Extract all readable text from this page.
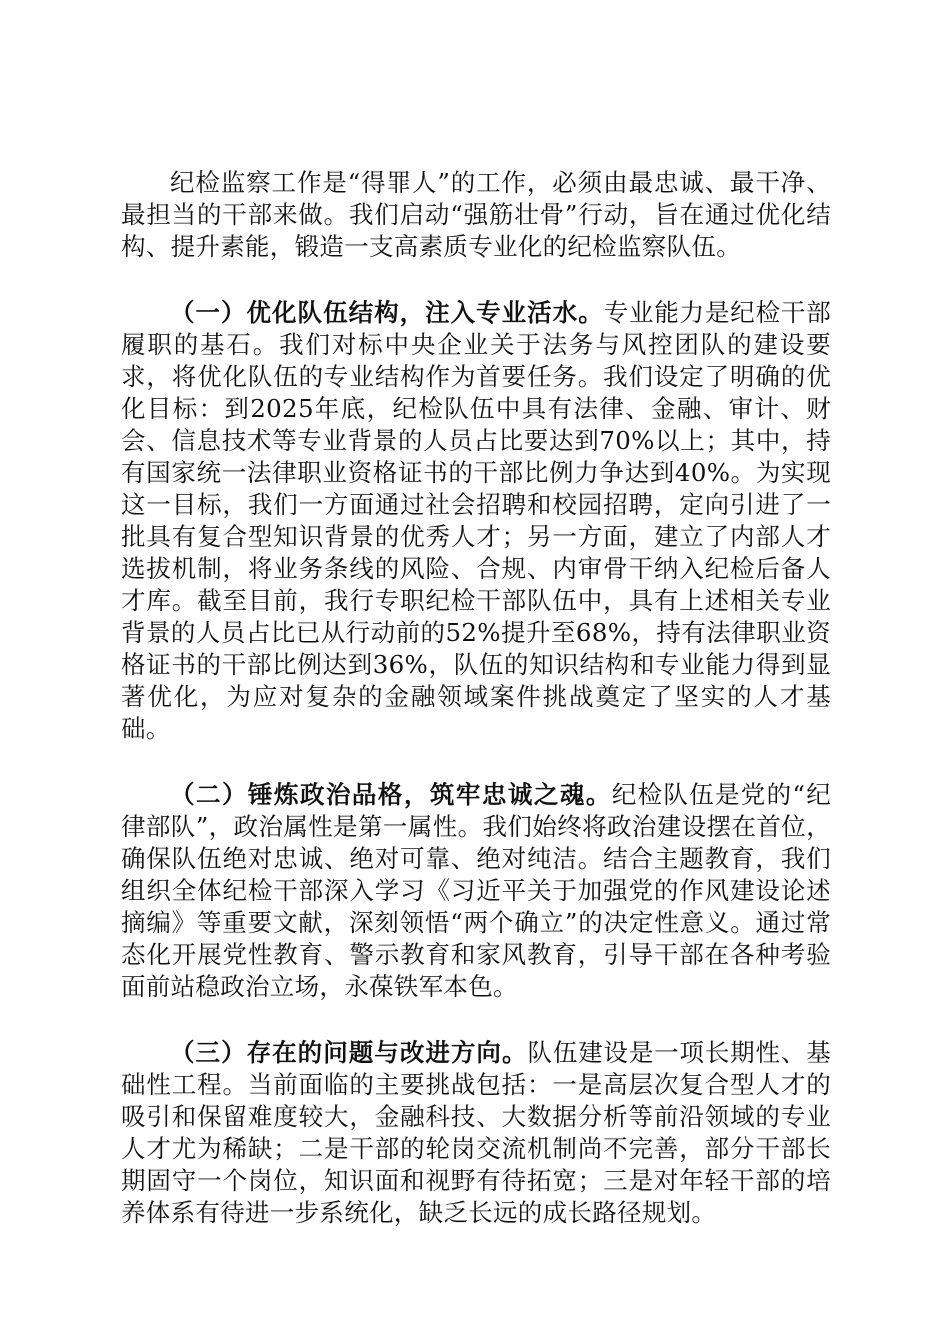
纪检监察工作是“得罪人”的工作，必须由最忠诚、最干净、最担当的干部来做。我们启动“强筋壮骨”行动，旨在通过优化结构、提升素能，锻造一支高素质专业化的纪检监察队伍。

（一）优化队伍结构，注入专业活水。专业能力是纪检干部履职的基石。我们对标中央企业关于法务与风控团队的建设要求，将优化队伍的专业结构作为首要任务。我们设定了明确的优化目标：到2025年底，纪检队伍中具有法律、金融、审计、财会、信息技术等专业背景的人员占比要达到70%以上；其中，持有国家统一法律职业资格证书的干部比例力争达到40%。为实现这一目标，我们一方面通过社会招聘和校园招聘，定向引进了一批具有复合型知识背景的优秀人才；另一方面，建立了内部人才选拔机制，将业务条线的风险、合规、内审骨干纳入纪检后备人才库。截至目前，我行专职纪检干部队伍中，具有上述相关专业背景的人员占比已从行动前的52%提升至68%，持有法律职业资格证书的干部比例达到36%，队伍的知识结构和专业能力得到显著优化，为应对复杂的金融领域案件挑战奠定了坚实的人才基础。

（二）锤炼政治品格，筑牢忠诚之魂。纪检队伍是党的“纪律部队”，政治属性是第一属性。我们始终将政治建设摆在首位，确保队伍绝对忠诚、绝对可靠、绝对纯洁。结合主题教育，我们组织全体纪检干部深入学习《习近平关于加强党的作风建设论述摘编》等重要文献，深刻领悟“两个确立”的决定性意义。通过常态化开展党性教育、警示教育和家风教育，引导干部在各种考验面前站稳政治立场，永葆铁军本色。

（三）存在的问题与改进方向。队伍建设是一项长期性、基础性工程。当前面临的主要挑战包括：一是高层次复合型人才的吸引和保留难度较大，金融科技、大数据分析等前沿领域的专业人才尤为稀缺；二是干部的轮岗交流机制尚不完善，部分干部长期固守一个岗位，知识面和视野有待拓宽；三是对年轻干部的培养体系有待进一步系统化，缺乏长远的成长路径规划。
